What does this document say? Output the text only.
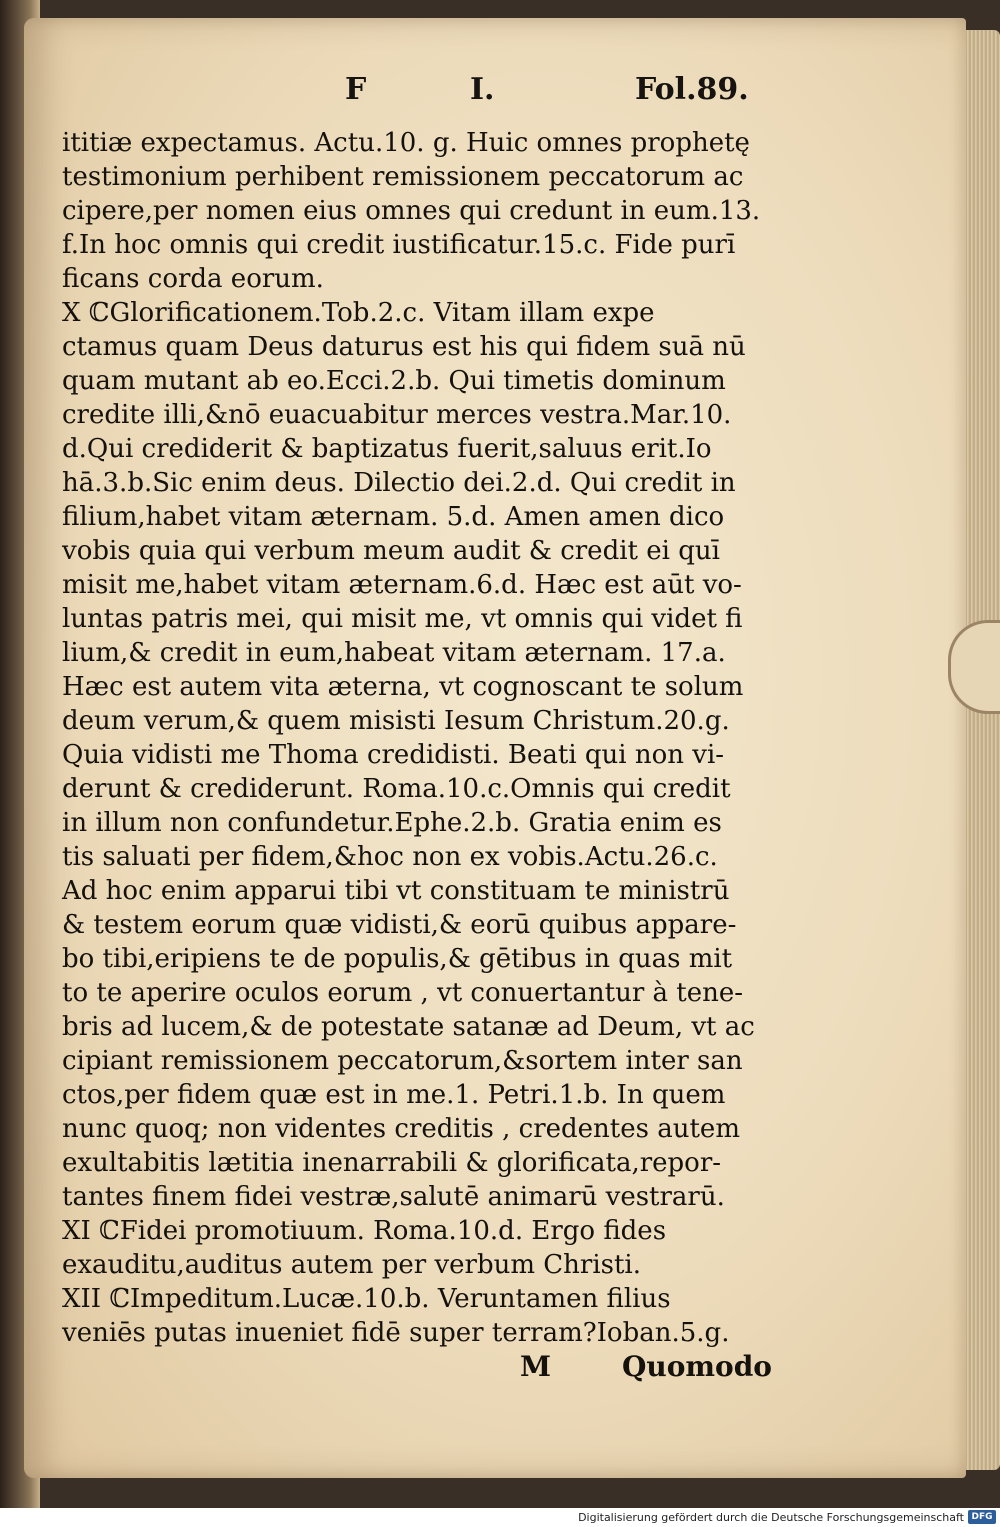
F	I.	Fol.89.
ititiæ expectamus. Actu.10. g. Huic omnes prophetę
testimonium perhibent remissionem peccatorum ac
cipere,per nomen eius omnes qui credunt in eum.13.
f.In hoc omnis qui credit iustificatur.15.c. Fide purī
ficans corda eorum.
X ℂGlorificationem.Tob.2.c. Vitam illam expe
ctamus quam Deus daturus est his qui fidem suā nū
quam mutant ab eo.Ecci.2.b. Qui timetis dominum
credite illi,&nō euacuabitur merces vestra.Mar.10.
d.Qui crediderit & baptizatus fuerit,saluus erit.Io
hā.3.b.Sic enim deus. Dilectio dei.2.d. Qui credit in
filium,habet vitam æternam. 5.d. Amen amen dico
vobis quia qui verbum meum audit & credit ei quī
misit me,habet vitam æternam.6.d. Hæc est aūt vo-
luntas patris mei, qui misit me, vt omnis qui videt fi
lium,& credit in eum,habeat vitam æternam. 17.a.
Hæc est autem vita æterna, vt cognoscant te solum
deum verum,& quem misisti Iesum Christum.20.g.
Quia vidisti me Thoma credidisti. Beati qui non vi-
derunt & crediderunt. Roma.10.c.Omnis qui credit
in illum non confundetur.Ephe.2.b. Gratia enim es
tis saluati per fidem,&hoc non ex vobis.Actu.26.c.
Ad hoc enim apparui tibi vt constituam te ministrū
& testem eorum quæ vidisti,& eorū quibus appare-
bo tibi,eripiens te de populis,& gētibus in quas mit
to te aperire oculos eorum , vt conuertantur à tene-
bris ad lucem,& de potestate satanæ ad Deum, vt ac
cipiant remissionem peccatorum,&sortem inter san
ctos,per fidem quæ est in me.1. Petri.1.b. In quem
nunc quoq; non videntes creditis , credentes autem
exultabitis lætitia inenarrabili & glorificata,repor-
tantes finem fidei vestræ,salutē animarū vestrarū.
XI ℂFidei promotiuum. Roma.10.d. Ergo fides
exauditu,auditus autem per verbum Christi.
XII ℂImpeditum.Lucæ.10.b. Veruntamen filius
veniēs putas inueniet fidē super terram?Ioban.5.g.
M	Quomodo
Digitalisierung gefördert durch die Deutsche Forschungsgemeinschaft DFG
